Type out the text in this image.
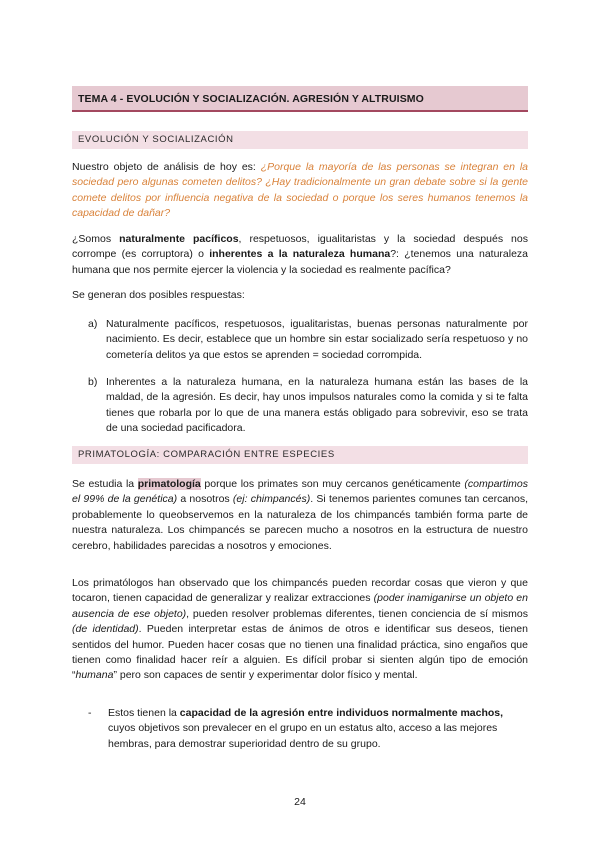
TEMA 4 - EVOLUCIÓN Y SOCIALIZACIÓN. AGRESIÓN Y ALTRUISMO
EVOLUCIÓN Y SOCIALIZACIÓN

Nuestro objeto de análisis de hoy es: ¿Porque la mayoría de las personas se integran en la sociedad pero algunas cometen delitos? ¿Hay tradicionalmente un gran debate sobre si la gente comete delitos por influencia negativa de la sociedad o porque los seres humanos tenemos la capacidad de dañar?

¿Somos naturalmente pacíficos, respetuosos, igualitaristas y la sociedad después nos corrompe (es corruptora) o inherentes a la naturaleza humana?: ¿tenemos una naturaleza humana que nos permite ejercer la violencia y la sociedad es realmente pacífica?

Se generan dos posibles respuestas:

a) Naturalmente pacíficos, respetuosos, igualitaristas, buenas personas naturalmente por nacimiento. Es decir, establece que un hombre sin estar socializado sería respetuoso y no cometería delitos ya que estos se aprenden = sociedad corrompida.
b) Inherentes a la naturaleza humana, en la naturaleza humana están las bases de la maldad, de la agresión. Es decir, hay unos impulsos naturales como la comida y si te falta tienes que robarla por lo que de una manera estás obligado para sobrevivir, eso se trata de una sociedad pacificadora.
PRIMATOLOGÍA: COMPARACIÓN ENTRE ESPECIES

Se estudia la primatología porque los primates son muy cercanos genéticamente (compartimos el 99% de la genética) a nosotros (ej: chimpancés). Si tenemos parientes comunes tan cercanos, probablemente lo queobservemos en la naturaleza de los chimpancés también forma parte de nuestra naturaleza. Los chimpancés se parecen mucho a nosotros en la estructura de nuestro cerebro, habilidades parecidas a nosotros y emociones.

Los primatólogos han observado que los chimpancés pueden recordar cosas que vieron y que tocaron, tienen capacidad de generalizar y realizar extracciones (poder inamiganirse un objeto en ausencia de ese objeto), pueden resolver problemas diferentes, tienen conciencia de sí mismos (de identidad). Pueden interpretar estas de ánimos de otros e identificar sus deseos, tienen sentidos del humor. Pueden hacer cosas que no tienen una finalidad práctica, sino engaños que tienen como finalidad hacer reír a alguien. Es difícil probar si sienten algún tipo de emoción “humana” pero son capaces de sentir y experimentar dolor físico y mental.

- Estos tienen la capacidad de la agresión entre individuos normalmente machos, cuyos objetivos son prevalecer en el grupo en un estatus alto, acceso a las mejores hembras, para demostrar superioridad dentro de su grupo.
24
